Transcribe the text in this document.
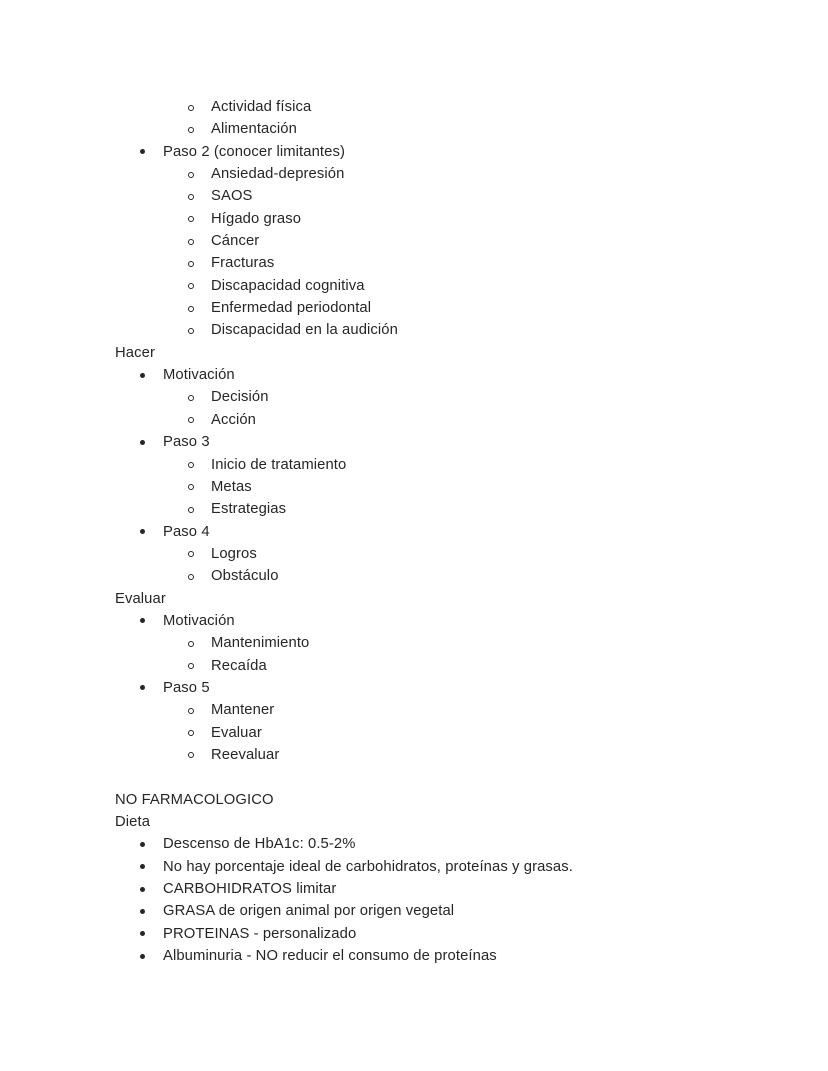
Actividad física
Alimentación
Paso 2 (conocer limitantes)
Ansiedad-depresión
SAOS
Hígado graso
Cáncer
Fracturas
Discapacidad cognitiva
Enfermedad periodontal
Discapacidad en la audición
Hacer
Motivación
Decisión
Acción
Paso 3
Inicio de tratamiento
Metas
Estrategias
Paso 4
Logros
Obstáculo
Evaluar
Motivación
Mantenimiento
Recaída
Paso 5
Mantener
Evaluar
Reevaluar
NO FARMACOLOGICO
Dieta
Descenso de HbA1c: 0.5-2%
No hay porcentaje ideal de carbohidratos, proteínas y grasas.
CARBOHIDRATOS limitar
GRASA de origen animal por origen vegetal
PROTEINAS - personalizado
Albuminuria - NO reducir el consumo de proteínas
